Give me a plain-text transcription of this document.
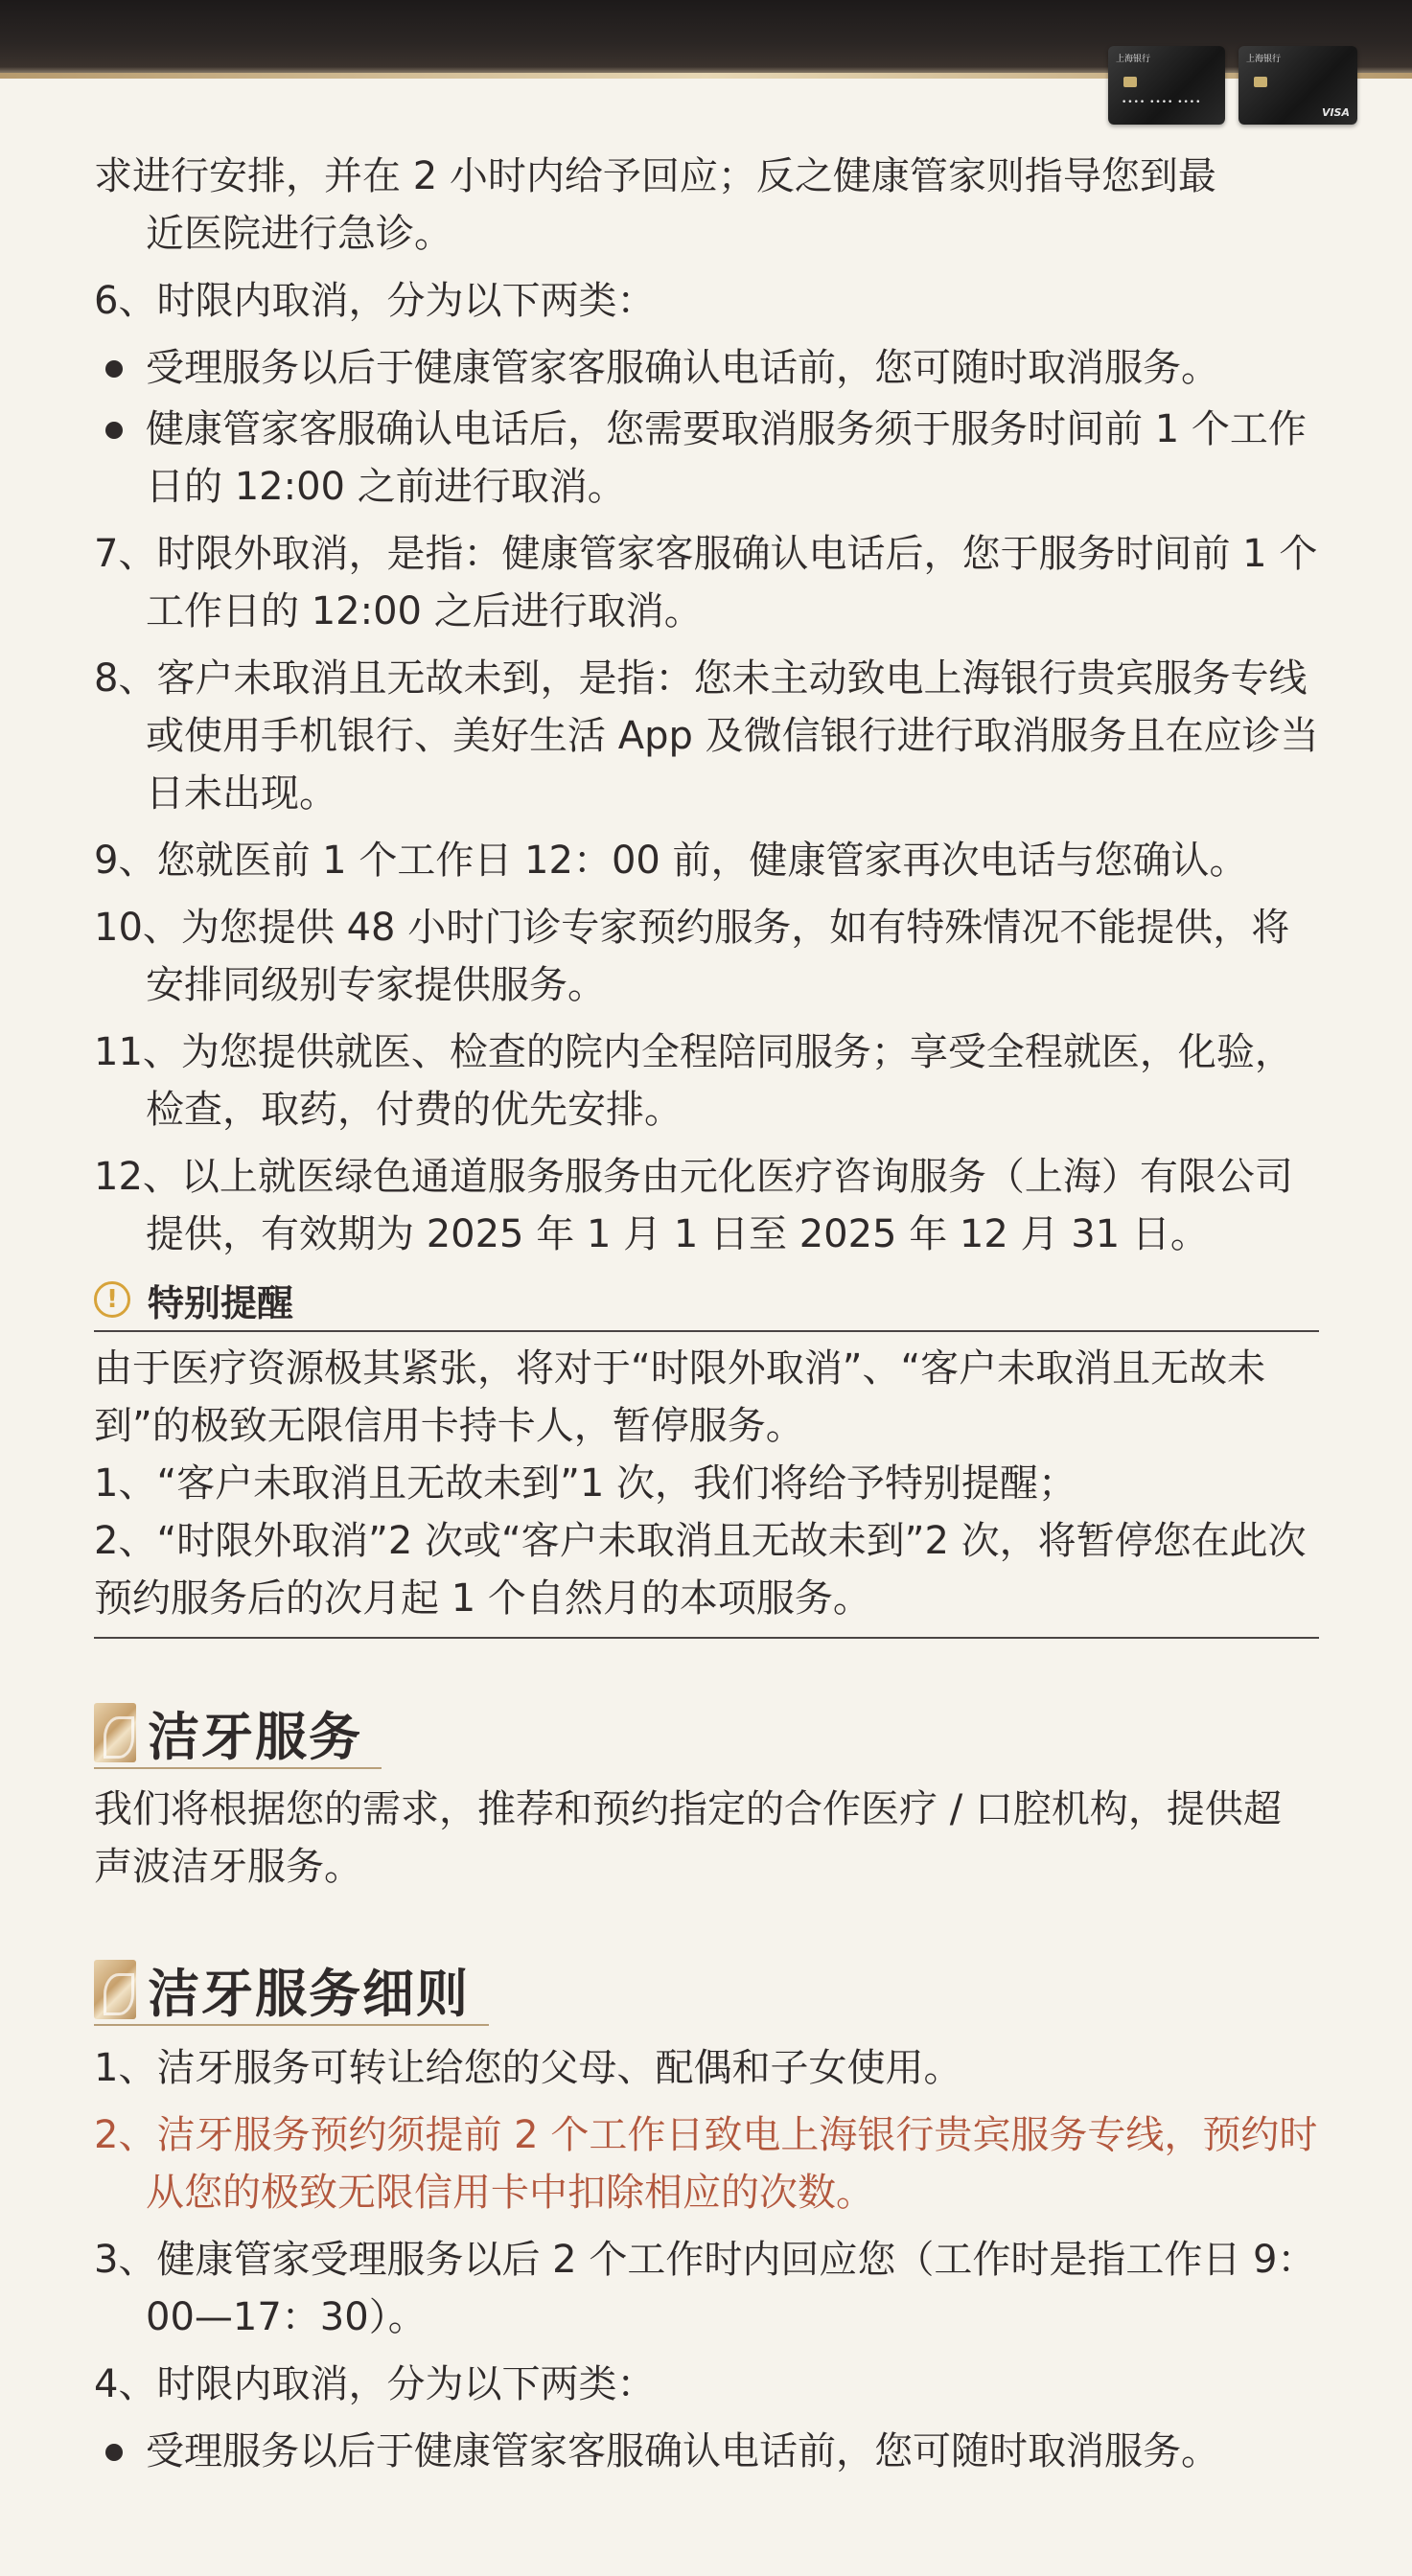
上海银行
•••• •••• ••••
上海银行
VISA
求进行安排，并在 2 小时内给予回应；反之健康管家则指导您到最
近医院进行急诊。
6、时限内取消，分为以下两类：
受理服务以后于健康管家客服确认电话前，您可随时取消服务。
健康管家客服确认电话后，您需要取消服务须于服务时间前 1 个工作日的 12:00 之前进行取消。
7、时限外取消，是指：健康管家客服确认电话后，您于服务时间前 1 个工作日的 12:00 之后进行取消。
8、客户未取消且无故未到，是指：您未主动致电上海银行贵宾服务专线或使用手机银行、美好生活 App 及微信银行进行取消服务且在应诊当日未出现。
9、您就医前 1 个工作日 12：00 前，健康管家再次电话与您确认。
10、为您提供 48 小时门诊专家预约服务，如有特殊情况不能提供，将安排同级别专家提供服务。
11、为您提供就医、检查的院内全程陪同服务；享受全程就医，化验，检查，取药，付费的优先安排。
12、以上就医绿色通道服务服务由元化医疗咨询服务（上海）有限公司提供，有效期为 2025 年 1 月 1 日至 2025 年 12 月 31 日。
! 特别提醒
由于医疗资源极其紧张，将对于“时限外取消”、“客户未取消且无故未到”的极致无限信用卡持卡人，暂停服务。
1、“客户未取消且无故未到”1 次，我们将给予特别提醒；
2、“时限外取消”2 次或“客户未取消且无故未到”2 次，将暂停您在此次预约服务后的次月起 1 个自然月的本项服务。
洁牙服务
我们将根据您的需求，推荐和预约指定的合作医疗 / 口腔机构，提供超声波洁牙服务。
洁牙服务细则
1、洁牙服务可转让给您的父母、配偶和子女使用。
2、洁牙服务预约须提前 2 个工作日致电上海银行贵宾服务专线，预约时从您的极致无限信用卡中扣除相应的次数。
3、健康管家受理服务以后 2 个工作时内回应您（工作时是指工作日 9：00—17：30）。
4、时限内取消，分为以下两类：
受理服务以后于健康管家客服确认电话前，您可随时取消服务。
